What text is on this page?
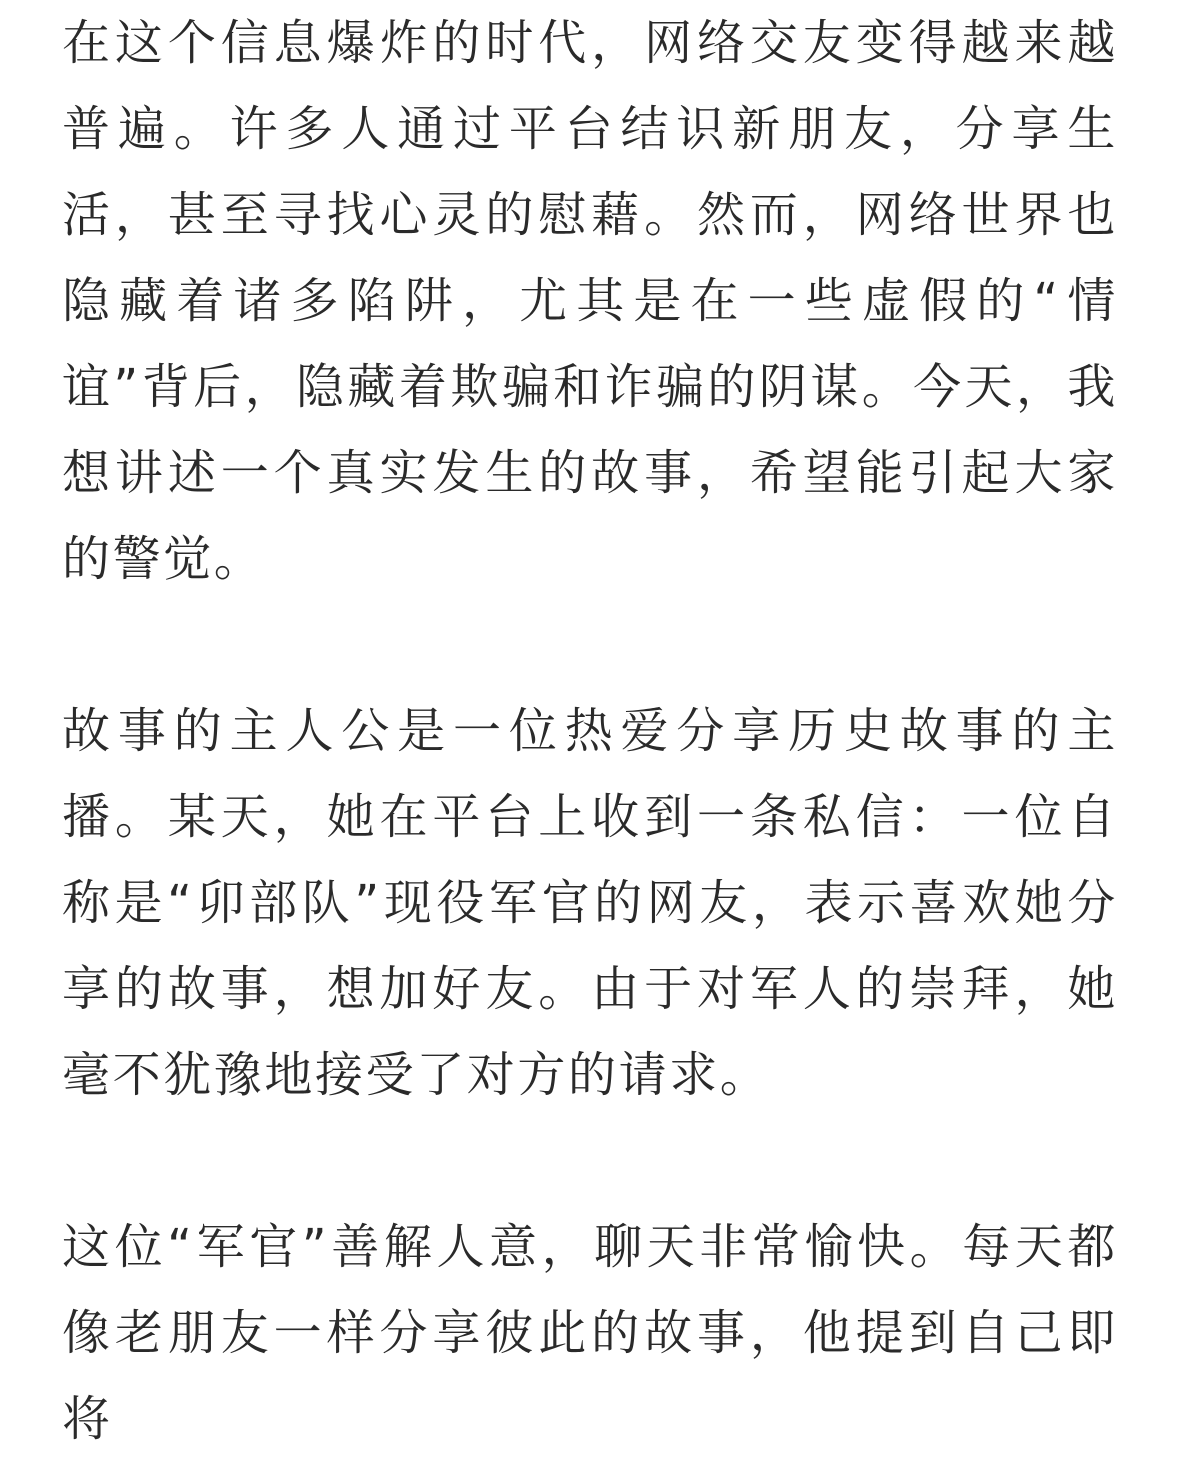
在这个信息爆炸的时代，网络交友变得越来越普遍。许多人通过平台结识新朋友，分享生活，甚至寻找心灵的慰藉。然而，网络世界也隐藏着诸多陷阱，尤其是在一些虚假的“情谊”背后，隐藏着欺骗和诈骗的阴谋。今天，我想讲述一个真实发生的故事，希望能引起大家的警觉。

故事的主人公是一位热爱分享历史故事的主播。某天，她在平台上收到一条私信：一位自称是“卯部队”现役军官的网友，表示喜欢她分享的故事，想加好友。由于对军人的崇拜，她毫不犹豫地接受了对方的请求。

这位“军官”善解人意，聊天非常愉快。每天都像老朋友一样分享彼此的故事，他提到自己即将
